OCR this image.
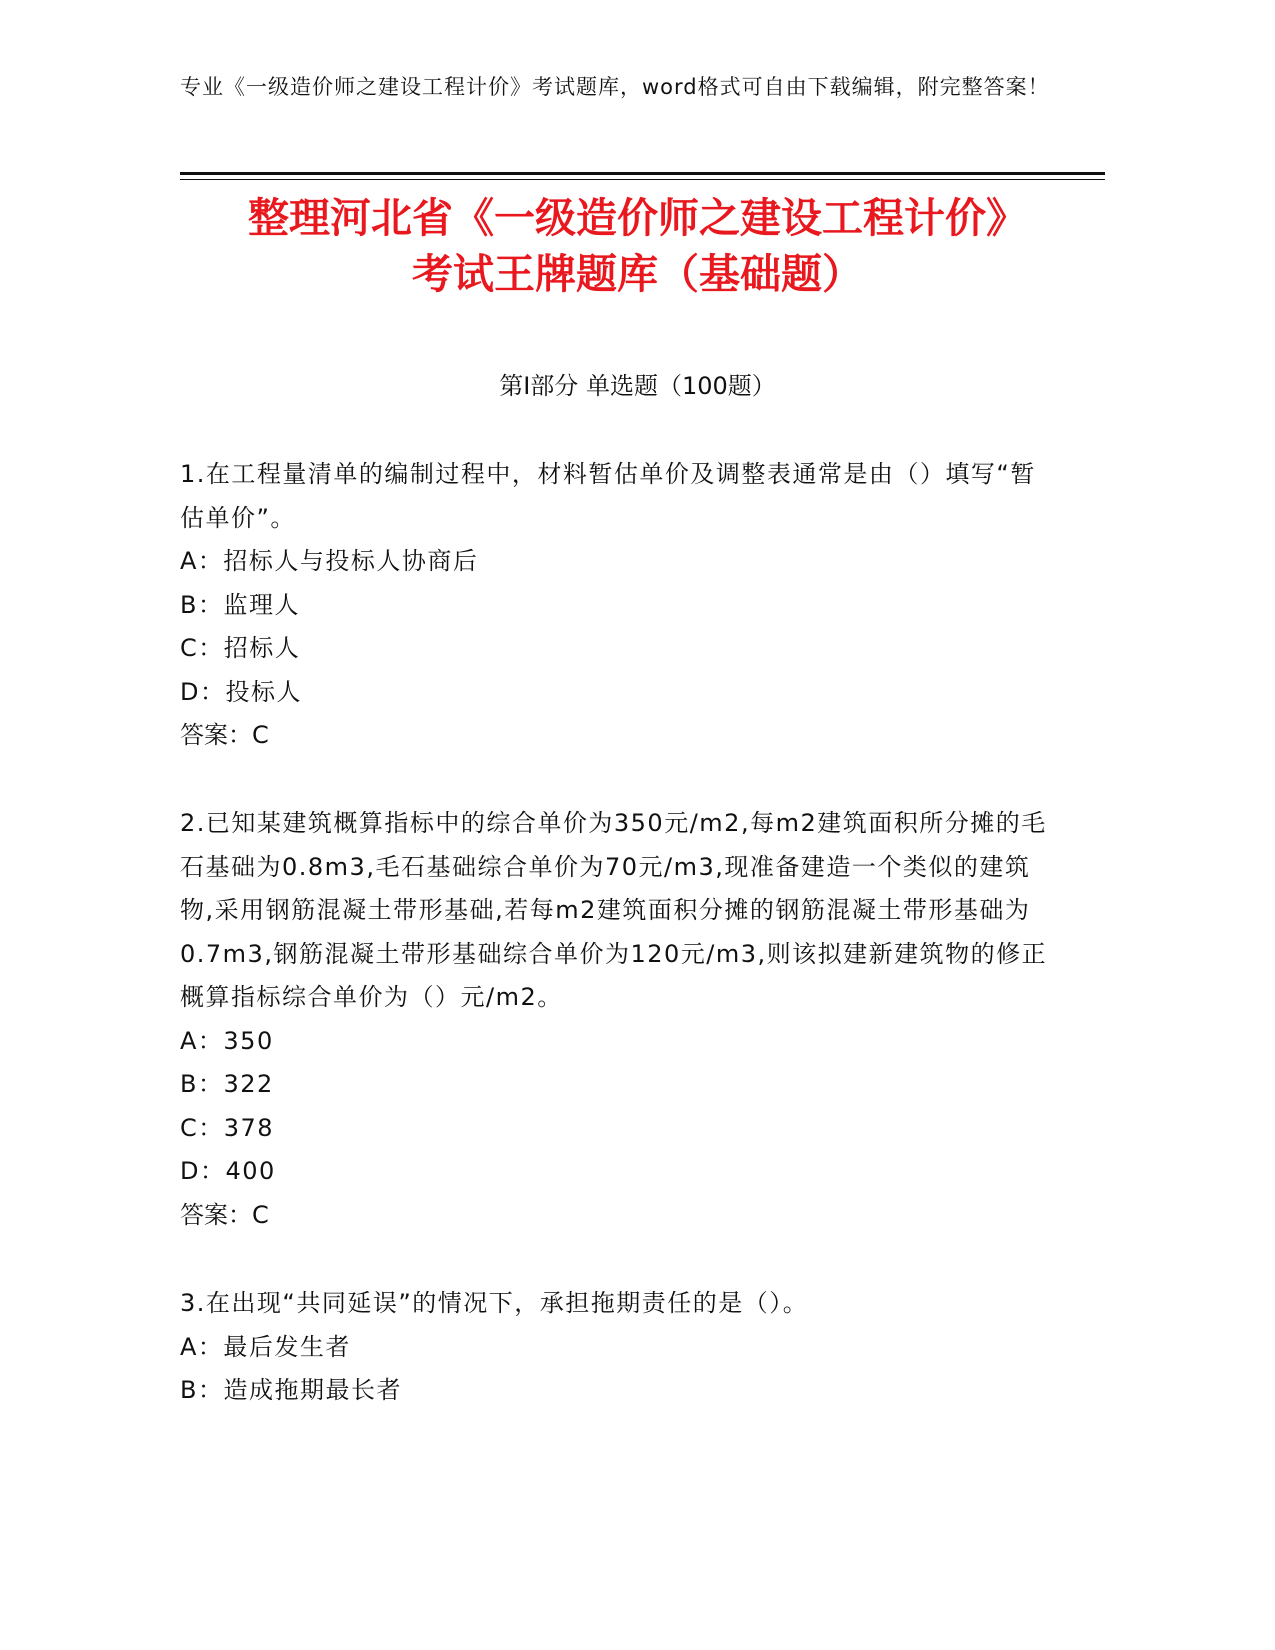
专业《一级造价师之建设工程计价》考试题库，word格式可自由下载编辑，附完整答案！
整理河北省《一级造价师之建设工程计价》
考试王牌题库（基础题）
第Ⅰ部分 单选题（100题）

1.在工程量清单的编制过程中，材料暂估单价及调整表通常是由（）填写“暂估单价”。

A：招标人与投标人协商后

B：监理人

C：招标人

D：投标人

答案：C

2.已知某建筑概算指标中的综合单价为350元/m2,每m2建筑面积所分摊的毛石基础为0.8m3,毛石基础综合单价为70元/m3,现准备建造一个类似的建筑物,采用钢筋混凝土带形基础,若每m2建筑面积分摊的钢筋混凝土带形基础为0.7m3,钢筋混凝土带形基础综合单价为120元/m3,则该拟建新建筑物的修正概算指标综合单价为（）元/m2。

A：350

B：322

C：378

D：400

答案：C

3.在出现“共同延误”的情况下，承担拖期责任的是（）。

A：最后发生者

B：造成拖期最长者
